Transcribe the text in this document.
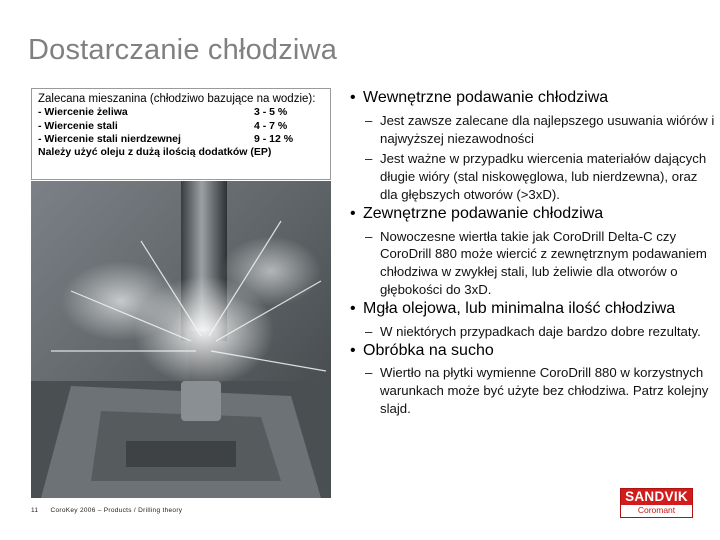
Dostarczanie chłodziwa
Zalecana mieszanina (chłodziwo bazujące na wodzie):
- Wiercenie żeliwa	3 - 5 %
- Wiercenie stali	4 - 7 %
- Wiercenie stali nierdzewnej	9 - 12 %
Należy użyć oleju z dużą ilością dodatków (EP)
• Wewnętrzne podawanie chłodziwa
– Jest zawsze zalecane dla najlepszego usuwania wiórów i najwyższej niezawodności
– Jest ważne w przypadku wiercenia materiałów dających długie wióry (stal niskowęglowa, lub nierdzewna), oraz dla głębszych otworów (>3xD).
• Zewnętrzne podawanie chłodziwa
– Nowoczesne wiertła takie jak CoroDrill Delta-C czy CoroDrill 880 może wiercić z zewnętrznym podawaniem chłodziwa w zwykłej stali, lub żeliwie dla otworów o głębokości do 3xD.
• Mgła olejowa, lub minimalna ilość chłodziwa
– W niektórych przypadkach daje bardzo dobre rezultaty.
• Obróbka na sucho
– Wiertło na płytki wymienne CoroDrill 880 w korzystnych warunkach może być użyte bez chłodziwa. Patrz kolejny slajd.
11 CoroKey 2006 – Products / Drilling theory
SANDVIK
Coromant
